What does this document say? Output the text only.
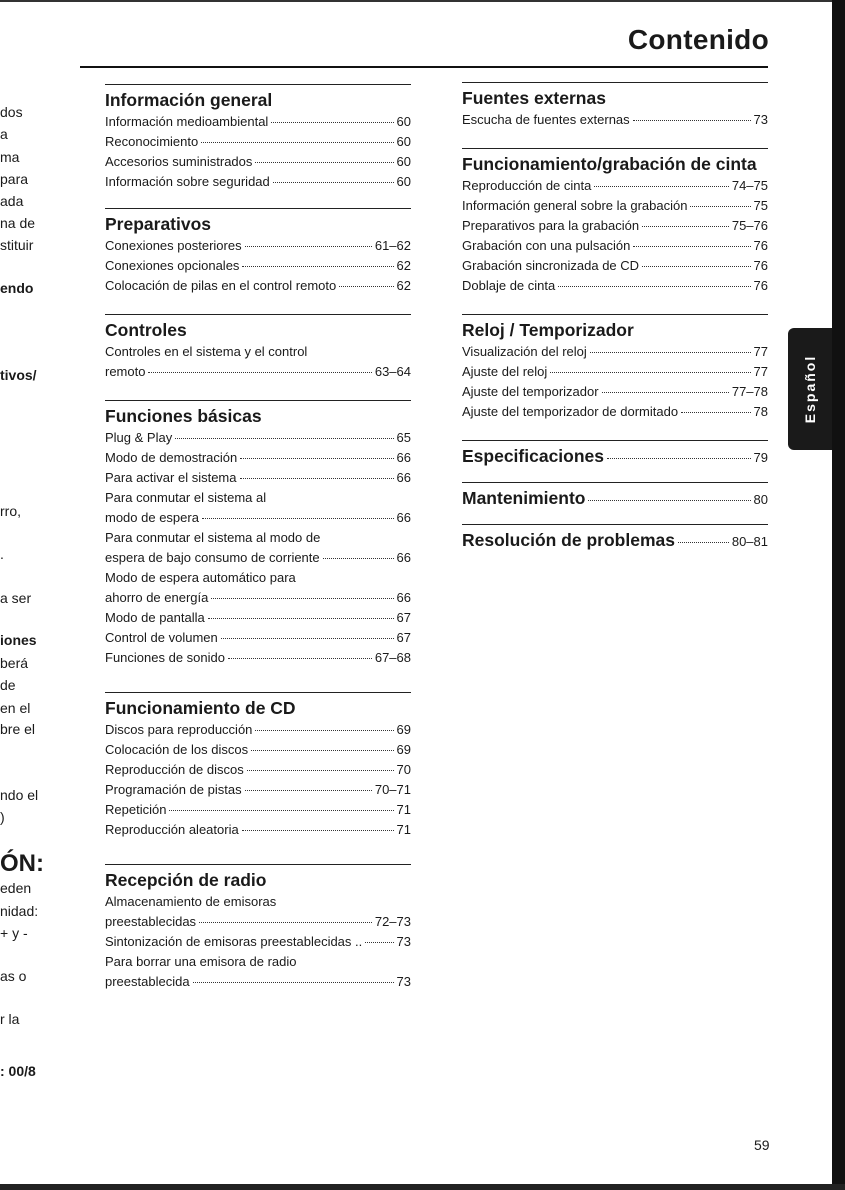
Contenido
dos
a
ma
para
ada
na de
stituir
endo
tivos/
rro,
.
a ser
iones
berá
de
en el
bre el
ndo el
)
ÓN:
eden
nidad:
+ y -
as o
r la
: 00/8
Información general
Información medioambiental	60
Reconocimiento	60
Accesorios suministrados	60
Información sobre seguridad	60
Preparativos
Conexiones posteriores	61–62
Conexiones opcionales	62
Colocación de pilas en el control remoto	62
Controles
Controles en el sistema y el control
remoto	63–64
Funciones básicas
Plug & Play	65
Modo de demostración	66
Para activar el sistema	66
Para conmutar el sistema al
modo de espera	66
Para conmutar el sistema al modo de
espera de bajo consumo de corriente	66
Modo de espera automático para
ahorro de energía	66
Modo de pantalla	67
Control de volumen	67
Funciones de sonido	67–68
Funcionamiento de CD
Discos para reproducción	69
Colocación de los discos	69
Reproducción de discos	70
Programación de pistas	70–71
Repetición	71
Reproducción aleatoria	71
Recepción de radio
Almacenamiento de emisoras
preestablecidas	72–73
Sintonización de emisoras preestablecidas ..	73
Para borrar una emisora de radio
preestablecida	73
Fuentes externas
Escucha de fuentes externas	73
Funcionamiento/grabación de cinta
Reproducción de cinta	74–75
Información general sobre la grabación	75
Preparativos para la grabación	75–76
Grabación con una pulsación	76
Grabación sincronizada de CD	76
Doblaje de cinta	76
Reloj / Temporizador
Visualización del reloj	77
Ajuste del reloj	77
Ajuste del temporizador	77–78
Ajuste del temporizador de dormitado	78
Especificaciones	79
Mantenimiento	80
Resolución de problemas	80–81
Español
59
